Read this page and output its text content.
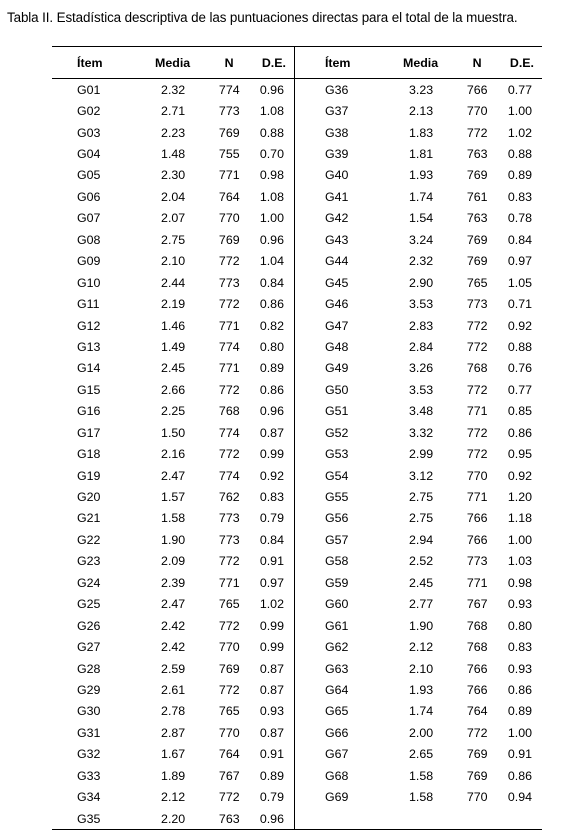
Tabla II. Estadística descriptiva de las puntuaciones directas para el total de la muestra.
Ítem	Media	N	D.E.	Ítem	Media	N	D.E.
G01	2.32	774	0.96	G36	3.23	766	0.77
G02	2.71	773	1.08	G37	2.13	770	1.00
G03	2.23	769	0.88	G38	1.83	772	1.02
G04	1.48	755	0.70	G39	1.81	763	0.88
G05	2.30	771	0.98	G40	1.93	769	0.89
G06	2.04	764	1.08	G41	1.74	761	0.83
G07	2.07	770	1.00	G42	1.54	763	0.78
G08	2.75	769	0.96	G43	3.24	769	0.84
G09	2.10	772	1.04	G44	2.32	769	0.97
G10	2.44	773	0.84	G45	2.90	765	1.05
G11	2.19	772	0.86	G46	3.53	773	0.71
G12	1.46	771	0.82	G47	2.83	772	0.92
G13	1.49	774	0.80	G48	2.84	772	0.88
G14	2.45	771	0.89	G49	3.26	768	0.76
G15	2.66	772	0.86	G50	3.53	772	0.77
G16	2.25	768	0.96	G51	3.48	771	0.85
G17	1.50	774	0.87	G52	3.32	772	0.86
G18	2.16	772	0.99	G53	2.99	772	0.95
G19	2.47	774	0.92	G54	3.12	770	0.92
G20	1.57	762	0.83	G55	2.75	771	1.20
G21	1.58	773	0.79	G56	2.75	766	1.18
G22	1.90	773	0.84	G57	2.94	766	1.00
G23	2.09	772	0.91	G58	2.52	773	1.03
G24	2.39	771	0.97	G59	2.45	771	0.98
G25	2.47	765	1.02	G60	2.77	767	0.93
G26	2.42	772	0.99	G61	1.90	768	0.80
G27	2.42	770	0.99	G62	2.12	768	0.83
G28	2.59	769	0.87	G63	2.10	766	0.93
G29	2.61	772	0.87	G64	1.93	766	0.86
G30	2.78	765	0.93	G65	1.74	764	0.89
G31	2.87	770	0.87	G66	2.00	772	1.00
G32	1.67	764	0.91	G67	2.65	769	0.91
G33	1.89	767	0.89	G68	1.58	769	0.86
G34	2.12	772	0.79	G69	1.58	770	0.94
G35	2.20	763	0.96				
